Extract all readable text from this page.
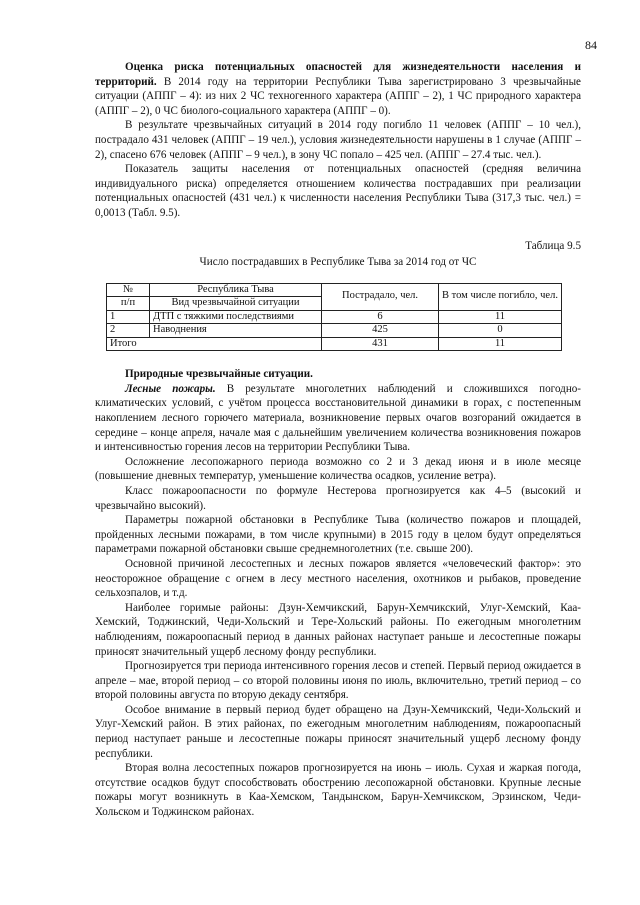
84

Оценка риска потенциальных опасностей для жизнедеятельности населения и территорий. В 2014 году на территории Республики Тыва зарегистрировано 3 чрезвычайные ситуации (АППГ – 4): из них 2 ЧС техногенного характера (АППГ – 2), 1 ЧС природного характера (АППГ – 2), 0 ЧС биолого-социального характера (АППГ – 0).

В результате чрезвычайных ситуаций в 2014 году погибло 11 человек (АППГ – 10 чел.), пострадало 431 человек (АППГ – 19 чел.), условия жизнедеятельности нарушены в 1 случае (АППГ – 2), спасено 676 человек (АППГ – 9 чел.), в зону ЧС попало – 425 чел. (АППГ – 27.4 тыс. чел.).

Показатель защиты населения от потенциальных опасностей (средняя величина индивидуального риска) определяется отношением количества пострадавших при реализации потенциальных опасностей (431 чел.) к численности населения Республики Тыва (317,3 тыс. чел.) = 0,0013 (Табл. 9.5).

Таблица 9.5
Число пострадавших в Республике Тыва за 2014 год от ЧС
№	Республика Тыва	Пострадало, чел.	В том числе погибло, чел.
п/п	Вид чрезвычайной ситуации		
1	ДТП с тяжкими последствиями	6	11
2	Наводнения	425	0
Итого		431	11

Природные чрезвычайные ситуации.

Лесные пожары. В результате многолетних наблюдений и сложившихся погодно-климатических условий, с учётом процесса восстановительной динамики в горах, с постепенным накоплением лесного горючего материала, возникновение первых очагов возгораний ожидается в середине – конце апреля, начале мая с дальнейшим увеличением количества возникновения пожаров и интенсивностью горения лесов на территории Республики Тыва.

Осложнение лесопожарного периода возможно со 2 и 3 декад июня и в июле месяце (повышение дневных температур, уменьшение количества осадков, усиление ветра).

Класс пожароопасности по формуле Нестерова прогнозируется как 4–5 (высокий и чрезвычайно высокий).

Параметры пожарной обстановки в Республике Тыва (количество пожаров и площадей, пройденных лесными пожарами, в том числе крупными) в 2015 году в целом будут определяться параметрами пожарной обстановки свыше среднемноголетних (т.е. свыше 200).

Основной причиной лесостепных и лесных пожаров является «человеческий фактор»: это неосторожное обращение с огнем в лесу местного населения, охотников и рыбаков, проведение сельхозпалов, и т.д.

Наиболее горимые районы: Дзун-Хемчикский, Барун-Хемчикский, Улуг-Хемский, Каа-Хемский, Тоджинский, Чеди-Хольский и Тере-Хольский районы. По ежегодным многолетним наблюдениям, пожароопасный период в данных районах наступает раньше и лесостепные пожары приносят значительный ущерб лесному фонду республики.

Прогнозируется три периода интенсивного горения лесов и степей. Первый период ожидается в апреле – мае, второй период – со второй половины июня по июль, включительно, третий период – со второй половины августа по вторую декаду сентября.

Особое внимание в первый период будет обращено на Дзун-Хемчикский, Чеди-Хольский и Улуг-Хемский район. В этих районах, по ежегодным многолетним наблюдениям, пожароопасный период наступает раньше и лесостепные пожары приносят значительный ущерб лесному фонду республики.

Вторая волна лесостепных пожаров прогнозируется на июнь – июль. Сухая и жаркая погода, отсутствие осадков будут способствовать обострению лесопожарной обстановки. Крупные лесные пожары могут возникнуть в Каа-Хемском, Тандынском, Барун-Хемчикском, Эрзинском, Чеди-Хольском и Тоджинском районах.
